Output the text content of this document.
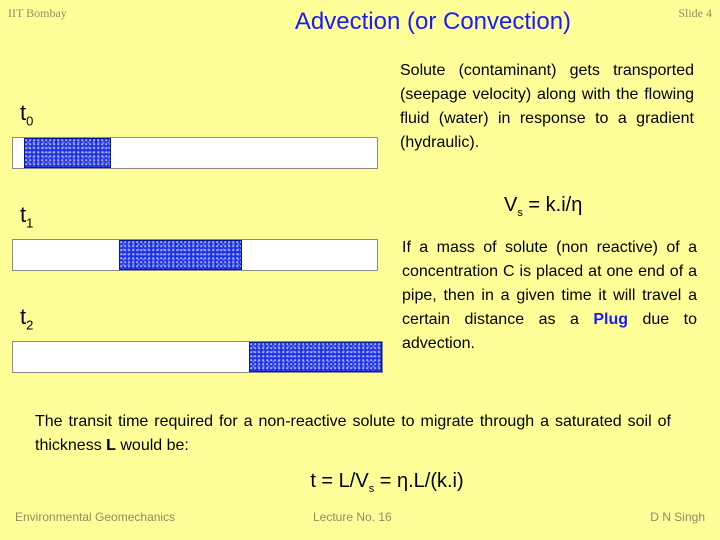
IIT Bombay	Slide 4
Advection (or Convection)
$t_0$
$t_1$
$t_2$
Solute (contaminant) gets transported (seepage velocity) along with the flowing fluid (water) in response to a gradient (hydraulic).
$V_s = k.i/\eta$
If a mass of solute (non reactive) of a concentration C is placed at one end of a pipe, then in a given time it will travel a certain distance as a Plug due to advection.
The transit time required for a non-reactive solute to migrate through a saturated soil of thickness L would be:
$t = L/V_s = \eta.L/(k.i)$
Environmental Geomechanics	Lecture No. 16	D N Singh
